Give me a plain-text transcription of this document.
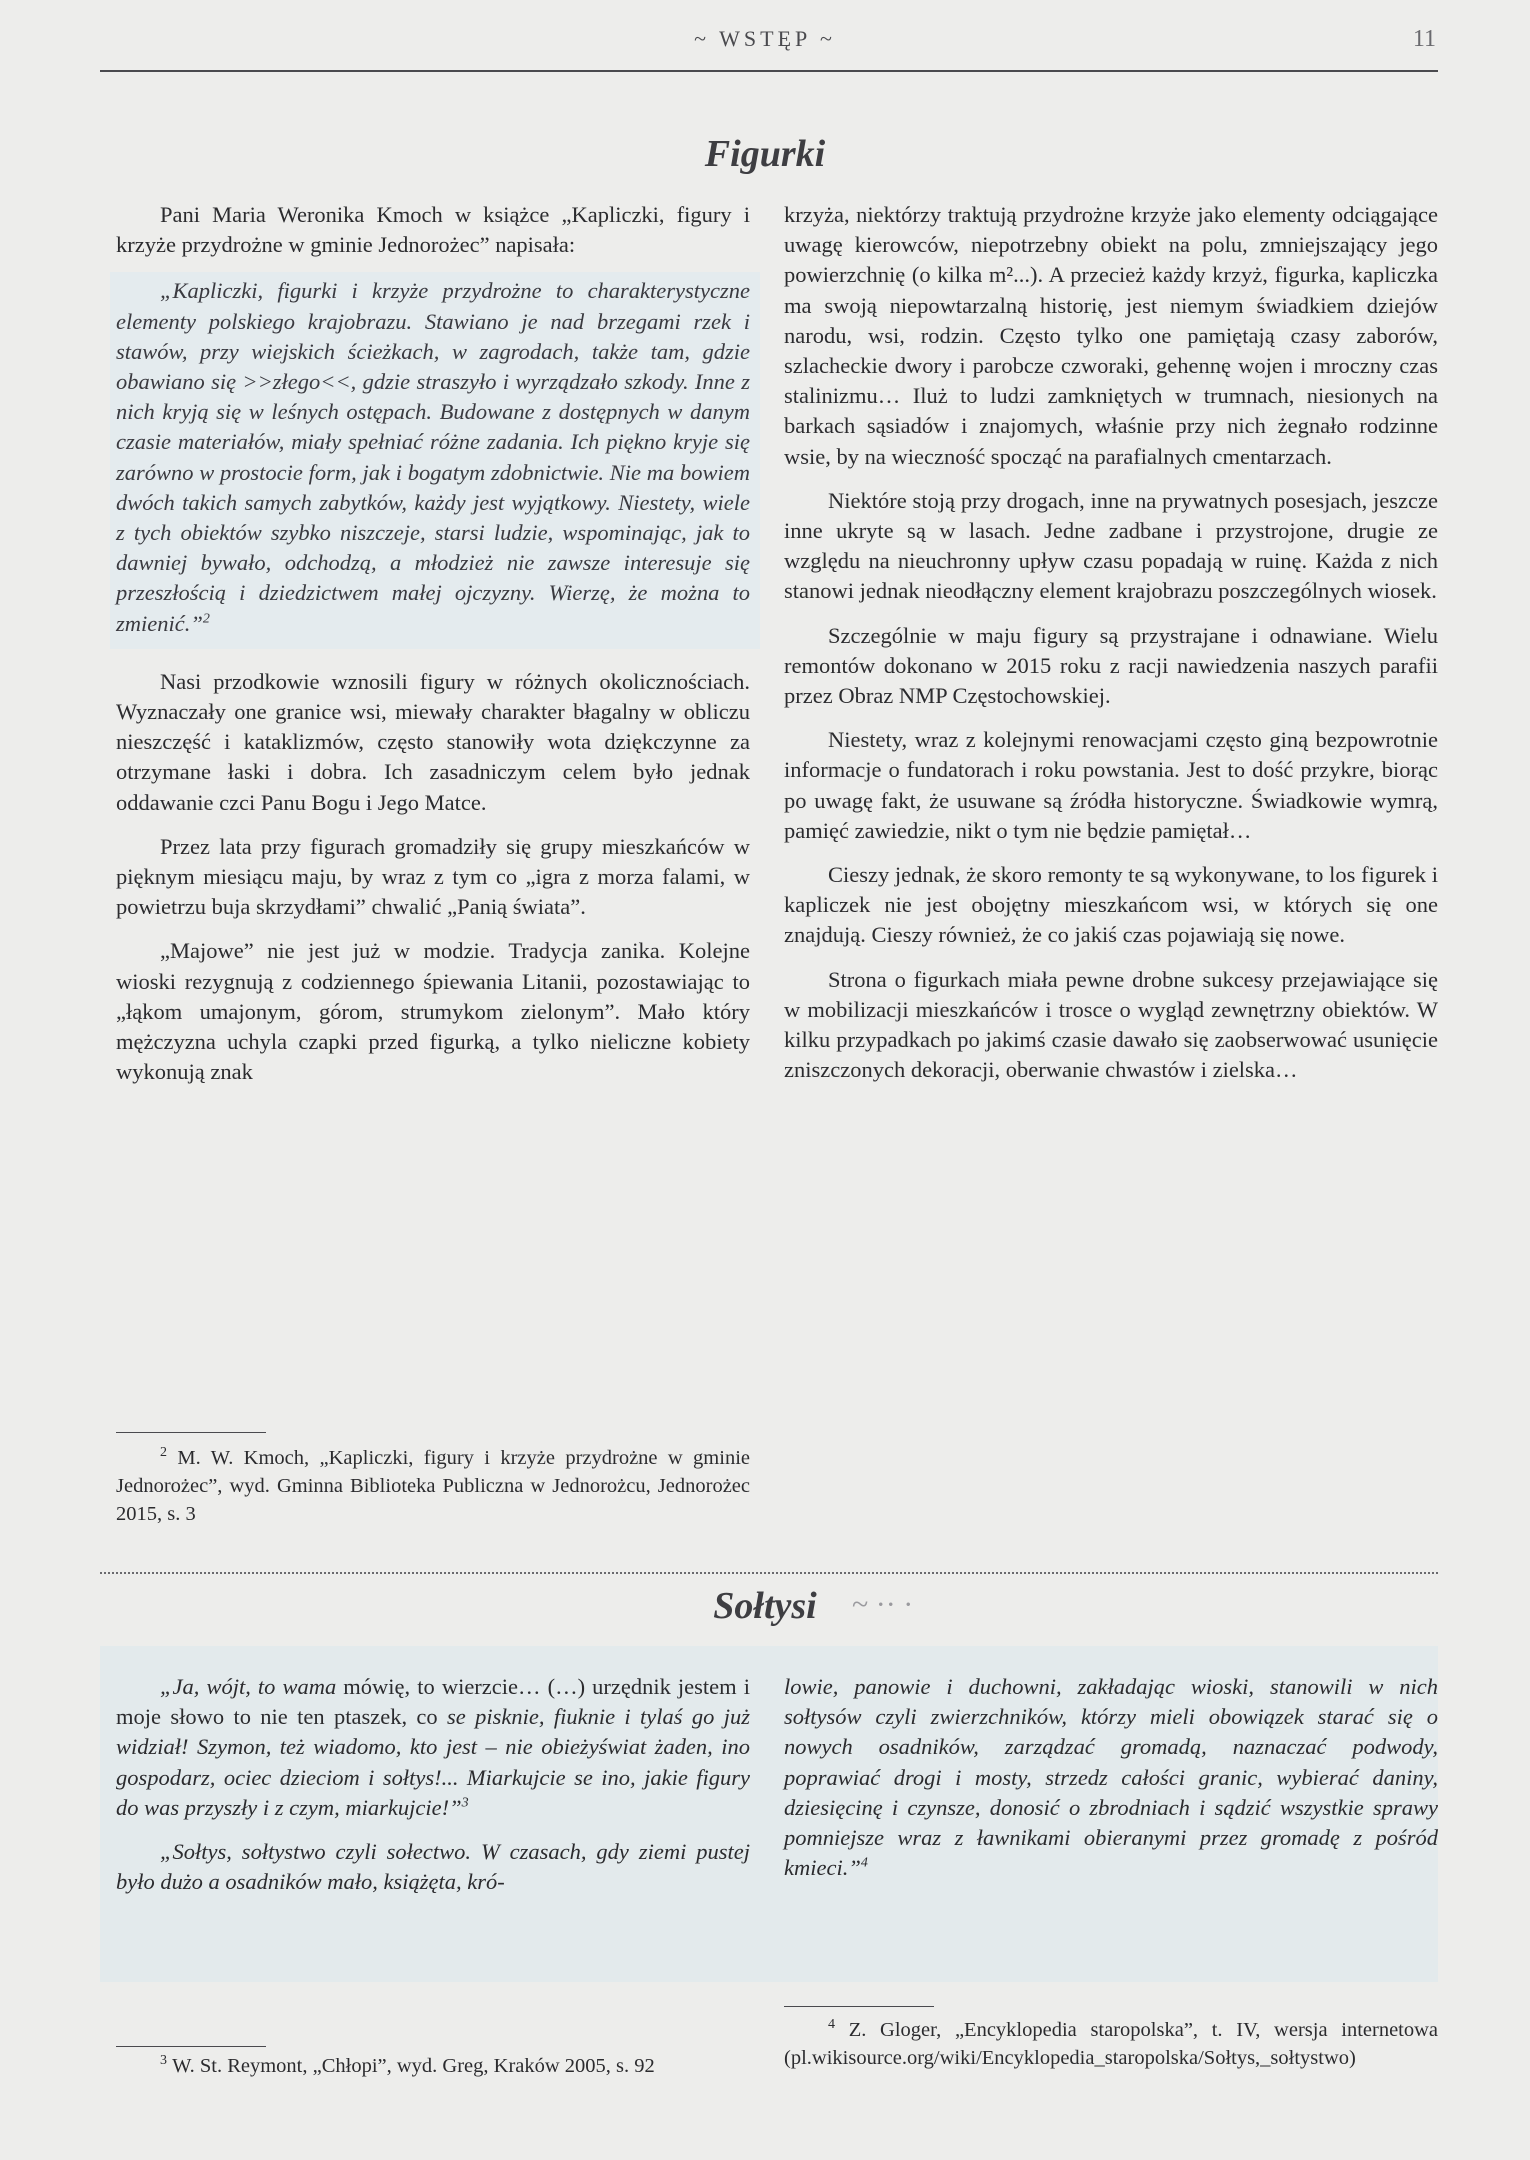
~ WSTĘP ~	11
Figurki

Pani Maria Weronika Kmoch w książce „Kapliczki, figury i krzyże przydrożne w gminie Jednorożec” napisała:

„Kapliczki, figurki i krzyże przydrożne to charakterystyczne elementy polskiego krajobrazu. Stawiano je nad brzegami rzek i stawów, przy wiejskich ścieżkach, w zagrodach, także tam, gdzie obawiano się >>złego<<, gdzie straszyło i wyrządzało szkody. Inne z nich kryją się w leśnych ostępach. Budowane z dostępnych w danym czasie materiałów, miały spełniać różne zadania. Ich piękno kryje się zarówno w prostocie form, jak i bogatym zdobnictwie. Nie ma bowiem dwóch takich samych zabytków, każdy jest wyjątkowy. Niestety, wiele z tych obiektów szybko niszczeje, starsi ludzie, wspominając, jak to dawniej bywało, odchodzą, a młodzież nie zawsze interesuje się przeszłością i dziedzictwem małej ojczyzny. Wierzę, że można to zmienić.”$^2$

Nasi przodkowie wznosili figury w różnych okolicznościach. Wyznaczały one granice wsi, miewały charakter błagalny w obliczu nieszczęść i kataklizmów, często stanowiły wota dziękczynne za otrzymane łaski i dobra. Ich zasadniczym celem było jednak oddawanie czci Panu Bogu i Jego Matce.

Przez lata przy figurach gromadziły się grupy mieszkańców w pięknym miesiącu maju, by wraz z tym co „igra z morza falami, w powietrzu buja skrzydłami” chwalić „Panią świata”.

„Majowe” nie jest już w modzie. Tradycja zanika. Kolejne wioski rezygnują z codziennego śpiewania Litanii, pozostawiając to „łąkom umajonym, górom, strumykom zielonym”. Mało który mężczyzna uchyla czapki przed figurką, a tylko nieliczne kobiety wykonują znak

$^2$ M. W. Kmoch, „Kapliczki, figury i krzyże przydrożne w gminie Jednorożec”, wyd. Gminna Biblioteka Publiczna w Jednorożcu, Jednorożec 2015, s. 3

krzyża, niektórzy traktują przydrożne krzyże jako elementy odciągające uwagę kierowców, niepotrzebny obiekt na polu, zmniejszający jego powierzchnię (o kilka m²...). A przecież każdy krzyż, figurka, kapliczka ma swoją niepowtarzalną historię, jest niemym świadkiem dziejów narodu, wsi, rodzin. Często tylko one pamiętają czasy zaborów, szlacheckie dwory i parobcze czworaki, gehennę wojen i mroczny czas stalinizmu… Iluż to ludzi zamkniętych w trumnach, niesionych na barkach sąsiadów i znajomych, właśnie przy nich żegnało rodzinne wsie, by na wieczność spocząć na parafialnych cmentarzach.

Niektóre stoją przy drogach, inne na prywatnych posesjach, jeszcze inne ukryte są w lasach. Jedne zadbane i przystrojone, drugie ze względu na nieuchronny upływ czasu popadają w ruinę. Każda z nich stanowi jednak nieodłączny element krajobrazu poszczególnych wiosek.

Szczególnie w maju figury są przystrajane i odnawiane. Wielu remontów dokonano w 2015 roku z racji nawiedzenia naszych parafii przez Obraz NMP Częstochowskiej.

Niestety, wraz z kolejnymi renowacjami często giną bezpowrotnie informacje o fundatorach i roku powstania. Jest to dość przykre, biorąc po uwagę fakt, że usuwane są źródła historyczne. Świadkowie wymrą, pamięć zawiedzie, nikt o tym nie będzie pamiętał…

Cieszy jednak, że skoro remonty te są wykonywane, to los figurek i kapliczek nie jest obojętny mieszkańcom wsi, w których się one znajdują. Cieszy również, że co jakiś czas pojawiają się nowe.

Strona o figurkach miała pewne drobne sukcesy przejawiające się w mobilizacji mieszkańców i trosce o wygląd zewnętrzny obiektów. W kilku przypadkach po jakimś czasie dawało się zaobserwować usunięcie zniszczonych dekoracji, oberwanie chwastów i zielska…

Sołtysi	~ ·· ·

„Ja, wójt, to wama mówię, to wierzcie… (…) urzędnik jestem i moje słowo to nie ten ptaszek, co se pisknie, fiuknie i tylaś go już widział! Szymon, też wiadomo, kto jest – nie obieżyświat żaden, ino gospodarz, ociec dzieciom i sołtys!... Miarkujcie se ino, jakie figury do was przyszły i z czym, miarkujcie!”$^3$

„Sołtys, sołtystwo czyli sołectwo. W czasach, gdy ziemi pustej było dużo a osadników mało, książęta, kró-

lowie, panowie i duchowni, zakładając wioski, stanowili w nich sołtysów czyli zwierzchników, którzy mieli obowiązek starać się o nowych osadników, zarządzać gromadą, naznaczać podwody, poprawiać drogi i mosty, strzedz całości granic, wybierać daniny, dziesięcinę i czynsze, donosić o zbrodniach i sądzić wszystkie sprawy pomniejsze wraz z ławnikami obieranymi przez gromadę z pośród kmieci.”$^4$

$^3$ W. St. Reymont, „Chłopi”, wyd. Greg, Kraków 2005, s. 92
$^4$ Z. Gloger, „Encyklopedia staropolska”, t. IV, wersja internetowa (pl.wikisource.org/wiki/Encyklopedia_staropolska/Sołtys,_sołtystwo)
